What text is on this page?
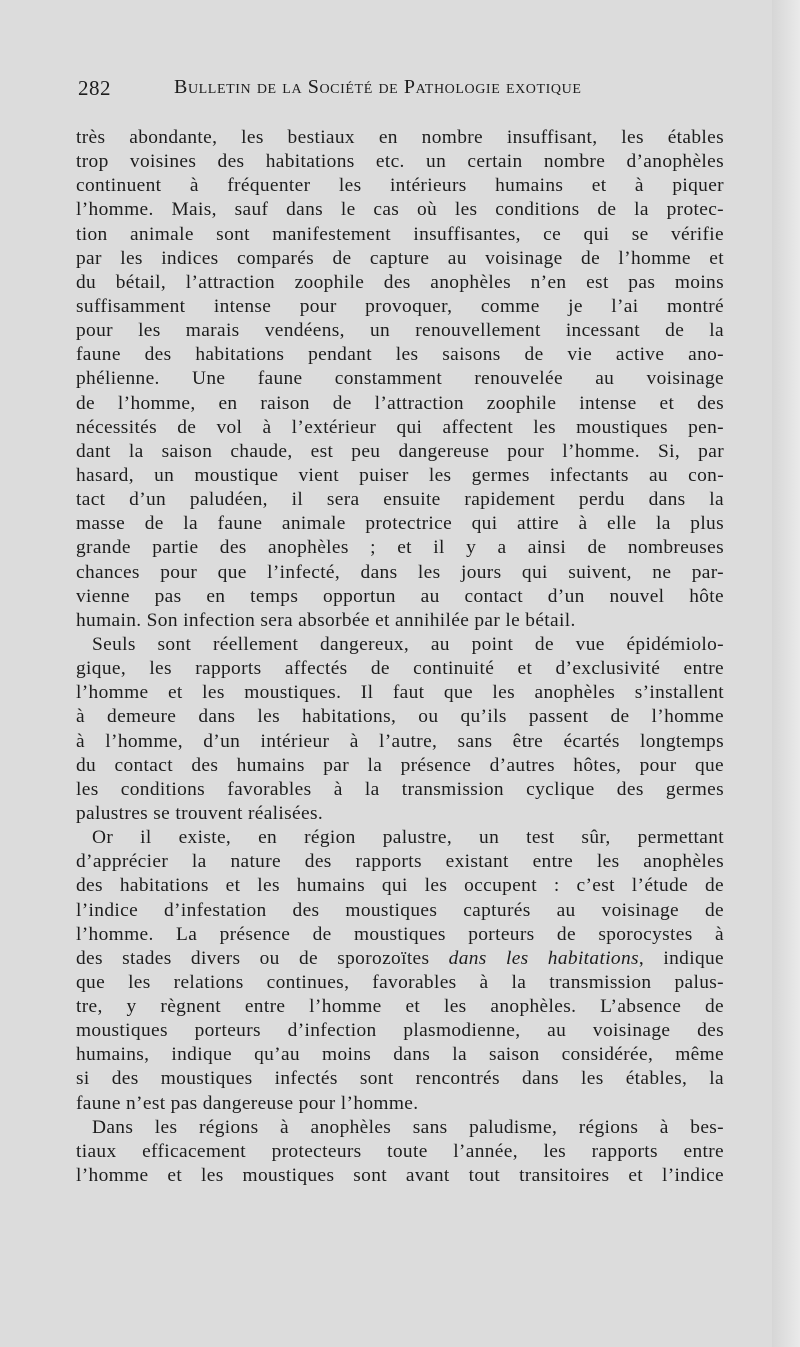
282	Bulletin de la Société de Pathologie exotique

très abondante, les bestiaux en nombre insuffisant, les étables
trop voisines des habitations etc. un certain nombre d’anophèles
continuent à fréquenter les intérieurs humains et à piquer
l’homme. Mais, sauf dans le cas où les conditions de la protec-
tion animale sont manifestement insuffisantes, ce qui se vérifie
par les indices comparés de capture au voisinage de l’homme et
du bétail, l’attraction zoophile des anophèles n’en est pas moins
suffisamment intense pour provoquer, comme je l’ai montré
pour les marais vendéens, un renouvellement incessant de la
faune des habitations pendant les saisons de vie active ano-
phélienne. Une faune constamment renouvelée au voisinage
de l’homme, en raison de l’attraction zoophile intense et des
nécessités de vol à l’extérieur qui affectent les moustiques pen-
dant la saison chaude, est peu dangereuse pour l’homme. Si, par
hasard, un moustique vient puiser les germes infectants au con-
tact d’un paludéen, il sera ensuite rapidement perdu dans la
masse de la faune animale protectrice qui attire à elle la plus
grande partie des anophèles ; et il y a ainsi de nombreuses
chances pour que l’infecté, dans les jours qui suivent, ne par-
vienne pas en temps opportun au contact d’un nouvel hôte
humain. Son infection sera absorbée et annihilée par le bétail.

Seuls sont réellement dangereux, au point de vue épidémiolo-
gique, les rapports affectés de continuité et d’exclusivité entre
l’homme et les moustiques. Il faut que les anophèles s’installent
à demeure dans les habitations, ou qu’ils passent de l’homme
à l’homme, d’un intérieur à l’autre, sans être écartés longtemps
du contact des humains par la présence d’autres hôtes, pour que
les conditions favorables à la transmission cyclique des germes
palustres se trouvent réalisées.

Or il existe, en région palustre, un test sûr, permettant
d’apprécier la nature des rapports existant entre les anophèles
des habitations et les humains qui les occupent : c’est l’étude de
l’indice d’infestation des moustiques capturés au voisinage de
l’homme. La présence de moustiques porteurs de sporocystes à
des stades divers ou de sporozoïtes dans les habitations, indique
que les relations continues, favorables à la transmission palus-
tre, y règnent entre l’homme et les anophèles. L’absence de
moustiques porteurs d’infection plasmodienne, au voisinage des
humains, indique qu’au moins dans la saison considérée, même
si des moustiques infectés sont rencontrés dans les étables, la
faune n’est pas dangereuse pour l’homme.

Dans les régions à anophèles sans paludisme, régions à bes-
tiaux efficacement protecteurs toute l’année, les rapports entre
l’homme et les moustiques sont avant tout transitoires et l’indice
